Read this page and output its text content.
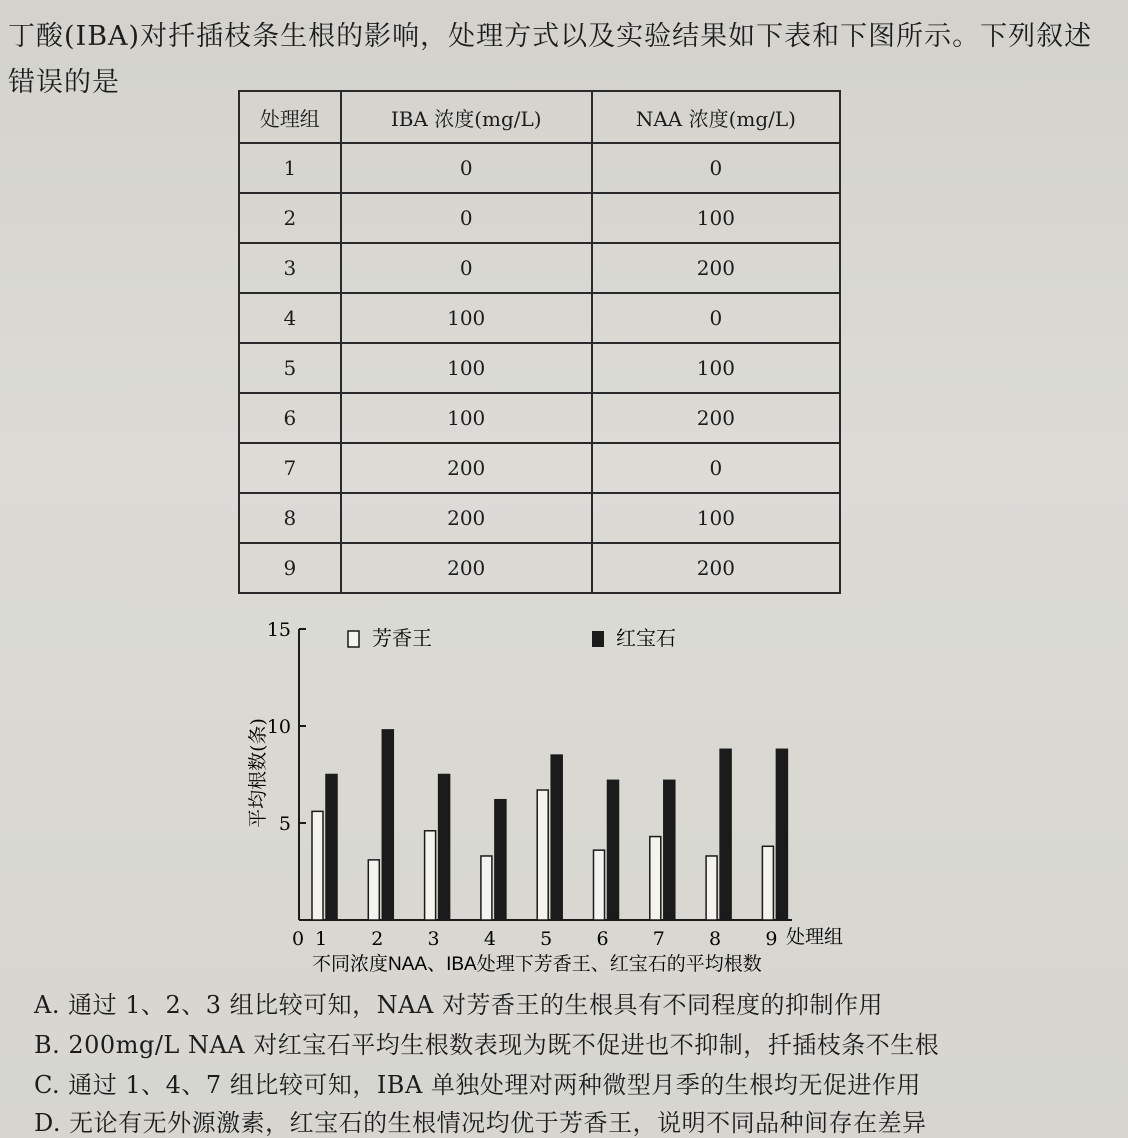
丁酸(IBA)对扦插枝条生根的影响，处理方式以及实验结果如下表和下图所示。下列叙述
错误的是
处理组	IBA 浓度(mg/L)	NAA 浓度(mg/L)
1	0	0
2	0	100
3	0	200
4	100	0
5	100	100
6	100	200
7	200	0
8	200	100
9	200	200
5
10
15
1 2 3 4 5 6 7 8 9
平均根数(条)
处理组
不同浓度NAA、IBA处理下芳香王、红宝石的平均根数
0
芳香王	红宝石
A. 通过 1、2、3 组比较可知，NAA 对芳香王的生根具有不同程度的抑制作用
B. 200mg/L NAA 对红宝石平均生根数表现为既不促进也不抑制，扦插枝条不生根
C. 通过 1、4、7 组比较可知，IBA 单独处理对两种微型月季的生根均无促进作用
D. 无论有无外源激素，红宝石的生根情况均优于芳香王，说明不同品种间存在差异
